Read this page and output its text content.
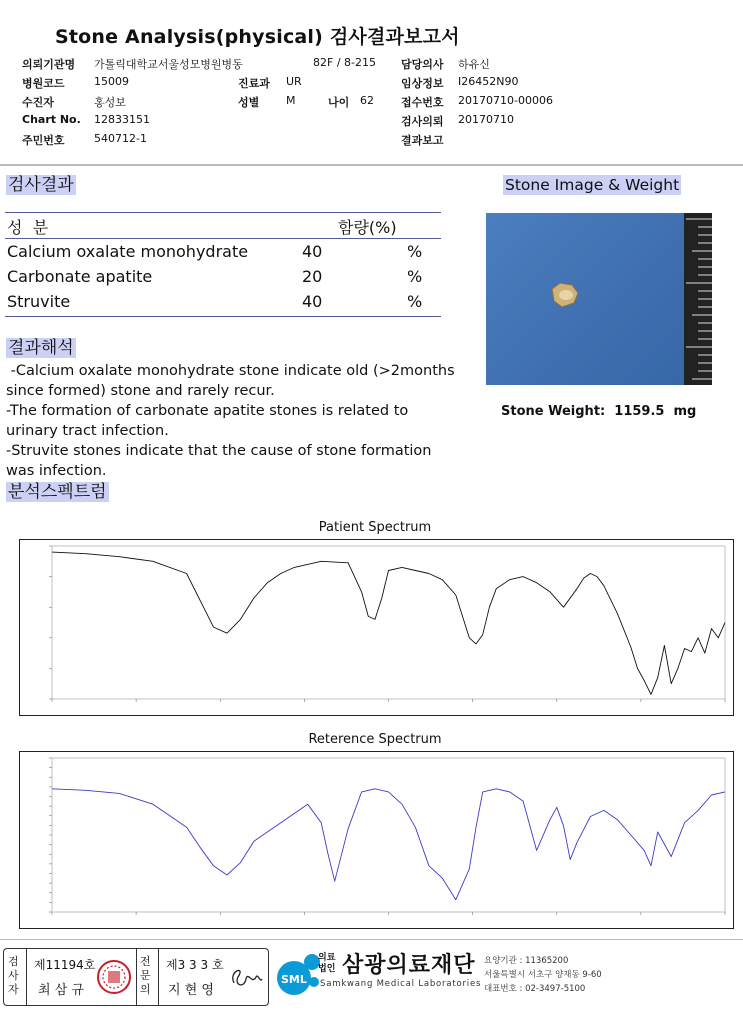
Stone Analysis(physical) 검사결과보고서
의뢰기관명 가톨릭대학교서울성모병원병동
병원코드	15009
수진자	홍성보
Chart No. 12833151
주민번호	540712-1
82F / 8-215
진료과 UR
성별 M	나이 62
담당의사 하유신
임상정보 I26452N90
접수번호 20170710-00006
검사의뢰 20170710
결과보고
검사결과
성  분	함량(%)
Calcium oxalate monohydrate	40	%
Carbonate apatite	20	%
Struvite	40	%
Stone Image & Weight
Stone Weight:  1159.5  mg
결과해석
-Calcium oxalate monohydrate stone indicate old (>2months since formed) stone and rarely recur.
-The formation of carbonate apatite stones is related to urinary tract infection.
-Struvite stones indicate that the cause of stone formation was infection.
분석스펙트럼
Patient Spectrum
Reterence Spectrum
검사자
제11194호
최 삼 규
전문의
제3 3 3 호
지 현 영
SML
의료
법인 삼광의료재단
Samkwang Medical Laboratories
요양기관 : 11365200
서울특별시 서초구 양재동 9-60
대표번호 : 02-3497-5100
